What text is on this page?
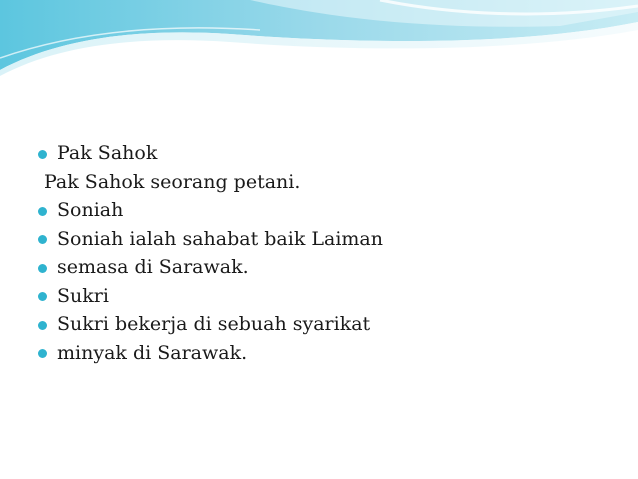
Pak Sahok
Pak Sahok seorang petani.
Soniah
Soniah ialah sahabat baik Laiman
semasa di Sarawak.
Sukri
Sukri bekerja di sebuah syarikat
minyak di Sarawak.
